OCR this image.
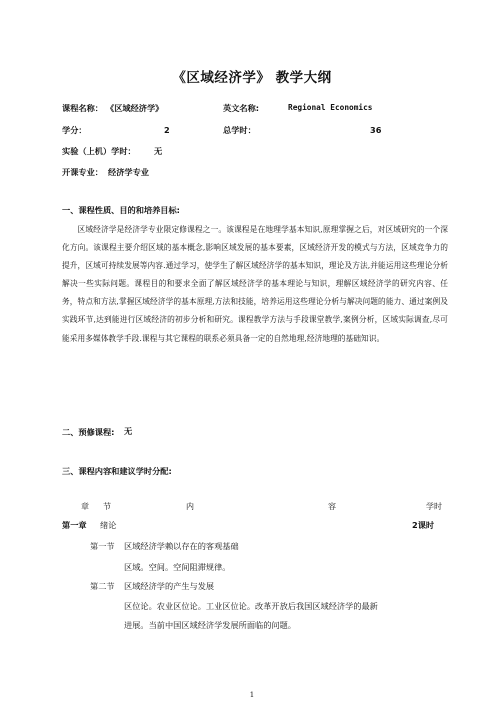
《区域经济学》 教学大纲
课程名称： 《区域经济学》	英文名称:	Regional Economics
学分：	2	总学时：	36
实验（上机）学时： 无
开课专业： 经济学专业
一、课程性质、目的和培养目标:
区域经济学是经济学专业限定修课程之一。该课程是在地理学基本知识,原理掌握之后，对区域研究的一个深化方向。该课程主要介绍区域的基本概念,影响区域发展的基本要素，区域经济开发的模式与方法，区域竞争力的提升，区域可持续发展等内容.通过学习，使学生了解区域经济学的基本知识，理论及方法,并能运用这些理论分析解决一些实际问题。课程目的和要求全面了解区域经济学的基本理论与知识，理解区域经济学的研究内容、任务，特点和方法,掌握区域经济学的基本原理,方法和技能，培养运用这些理论分析与解决问题的能力、通过案例及实践环节,达到能进行区域经济的初步分析和研究。课程教学方法与手段课堂教学,案例分析，区域实际调查,尽可能采用多媒体教学手段.课程与其它课程的联系必须具备一定的自然地理,经济地理的基础知识。
二、预修课程: 无
三、课程内容和建议学时分配:
章 节	内	容	学时
第一章 绪论	2课时
第一节 区域经济学赖以存在的客观基础
区域。空间。空间阻滞规律。
第二节 区域经济学的产生与发展
区位论。农业区位论。工业区位论。改革开放后我国区域经济学的最新
进展。当前中国区域经济学发展所面临的问题。
1
